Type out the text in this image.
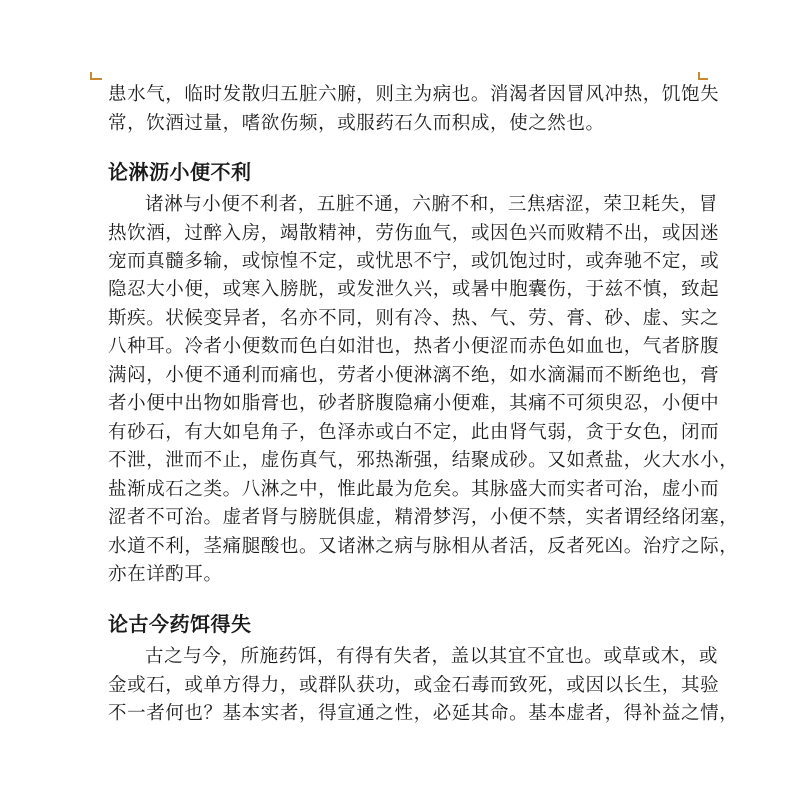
患水气，临时发散归五脏六腑，则主为病也。消渴者因冒风冲热，饥饱失
常，饮酒过量，嗜欲伤频，或服药石久而积成，使之然也。
论淋沥小便不利
诸淋与小便不利者，五脏不通，六腑不和，三焦痞涩，荣卫耗失，冒
热饮酒，过醉入房，竭散精神，劳伤血气，或因色兴而败精不出，或因迷
宠而真髓多输，或惊惶不定，或忧思不宁，或饥饱过时，或奔驰不定，或
隐忍大小便，或寒入膀胱，或发泄久兴，或暑中胞囊伤，于兹不慎，致起
斯疾。状候变异者，名亦不同，则有冷、热、气、劳、膏、砂、虚、实之
八种耳。冷者小便数而色白如泔也，热者小便涩而赤色如血也，气者脐腹
满闷，小便不通利而痛也，劳者小便淋漓不绝，如水滴漏而不断绝也，膏
者小便中出物如脂膏也，砂者脐腹隐痛小便难，其痛不可须臾忍，小便中
有砂石，有大如皂角子，色泽赤或白不定，此由肾气弱，贪于女色，闭而
不泄，泄而不止，虚伤真气，邪热渐强，结聚成砂。又如煮盐，火大水小，
盐渐成石之类。八淋之中，惟此最为危矣。其脉盛大而实者可治，虚小而
涩者不可治。虚者肾与膀胱俱虚，精滑梦泻，小便不禁，实者谓经络闭塞，
水道不利，茎痛腿酸也。又诸淋之病与脉相从者活，反者死凶。治疗之际，
亦在详酌耳。
论古今药饵得失
古之与今，所施药饵，有得有失者，盖以其宜不宜也。或草或木，或
金或石，或单方得力，或群队获功，或金石毒而致死，或因以长生，其验
不一者何也？基本实者，得宣通之性，必延其命。基本虚者，得补益之情，
